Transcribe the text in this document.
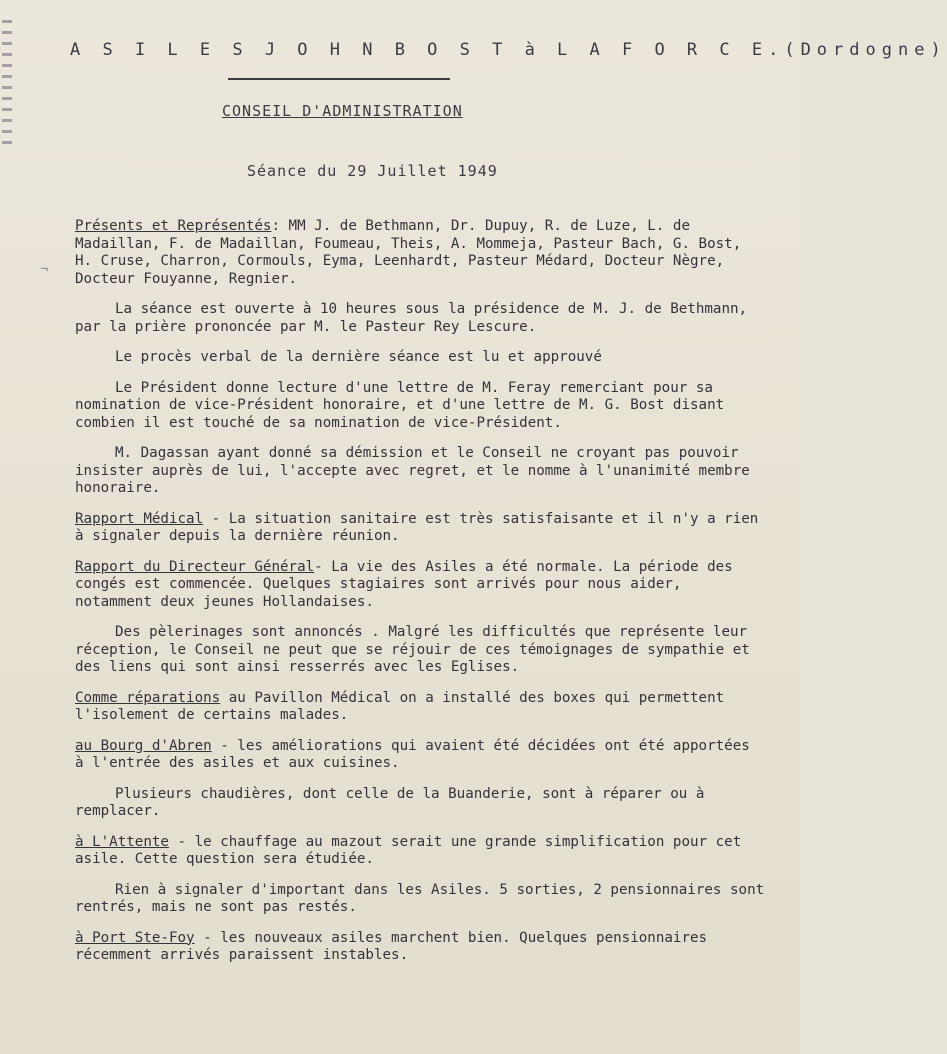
A S I L E S J O H N B O S T à L A F O R C E.(Dordogne)
CONSEIL D'ADMINISTRATION
Séance du 29 Juillet 1949
¬

Présents et Représentés: MM J. de Bethmann, Dr. Dupuy, R. de Luze, L. de Madaillan, F. de Madaillan, Foumeau, Theis, A. Mommeja, Pasteur Bach, G. Bost, H. Cruse, Charron, Cormouls, Eyma, Leenhardt, Pasteur Médard, Docteur Nègre, Docteur Fouyanne, Regnier.

La séance est ouverte à 10 heures sous la présidence de M. J. de Bethmann, par la prière prononcée par M. le Pasteur Rey Lescure.

Le procès verbal de la dernière séance est lu et approuvé

Le Président donne lecture d'une lettre de M. Feray remerciant pour sa nomination de vice-Président honoraire, et d'une lettre de M. G. Bost disant combien il est touché de sa nomination de vice-Président.

M. Dagassan ayant donné sa démission et le Conseil ne croyant pas pouvoir insister auprès de lui, l'accepte avec regret, et le nomme à l'unanimité membre honoraire.

Rapport Médical - La situation sanitaire est très satisfaisante et il n'y a rien à signaler depuis la dernière réunion.

Rapport du Directeur Général- La vie des Asiles a été normale. La période des congés est commencée. Quelques stagiaires sont arrivés pour nous aider, notamment deux jeunes Hollandaises.

Des pèlerinages sont annoncés . Malgré les difficultés que représente leur réception, le Conseil ne peut que se réjouir de ces témoignages de sympathie et des liens qui sont ainsi resserrés avec les Eglises.

Comme réparations au Pavillon Médical on a installé des boxes qui permettent l'isolement de certains malades.

au Bourg d'Abren - les améliorations qui avaient été décidées ont été apportées à l'entrée des asiles et aux cuisines.

Plusieurs chaudières, dont celle de la Buanderie, sont à réparer ou à remplacer.

à L'Attente - le chauffage au mazout serait une grande simplification pour cet asile. Cette question sera étudiée.

Rien à signaler d'important dans les Asiles. 5 sorties, 2 pensionnaires sont rentrés, mais ne sont pas restés.

à Port Ste-Foy - les nouveaux asiles marchent bien. Quelques pensionnaires récemment arrivés paraissent instables.
